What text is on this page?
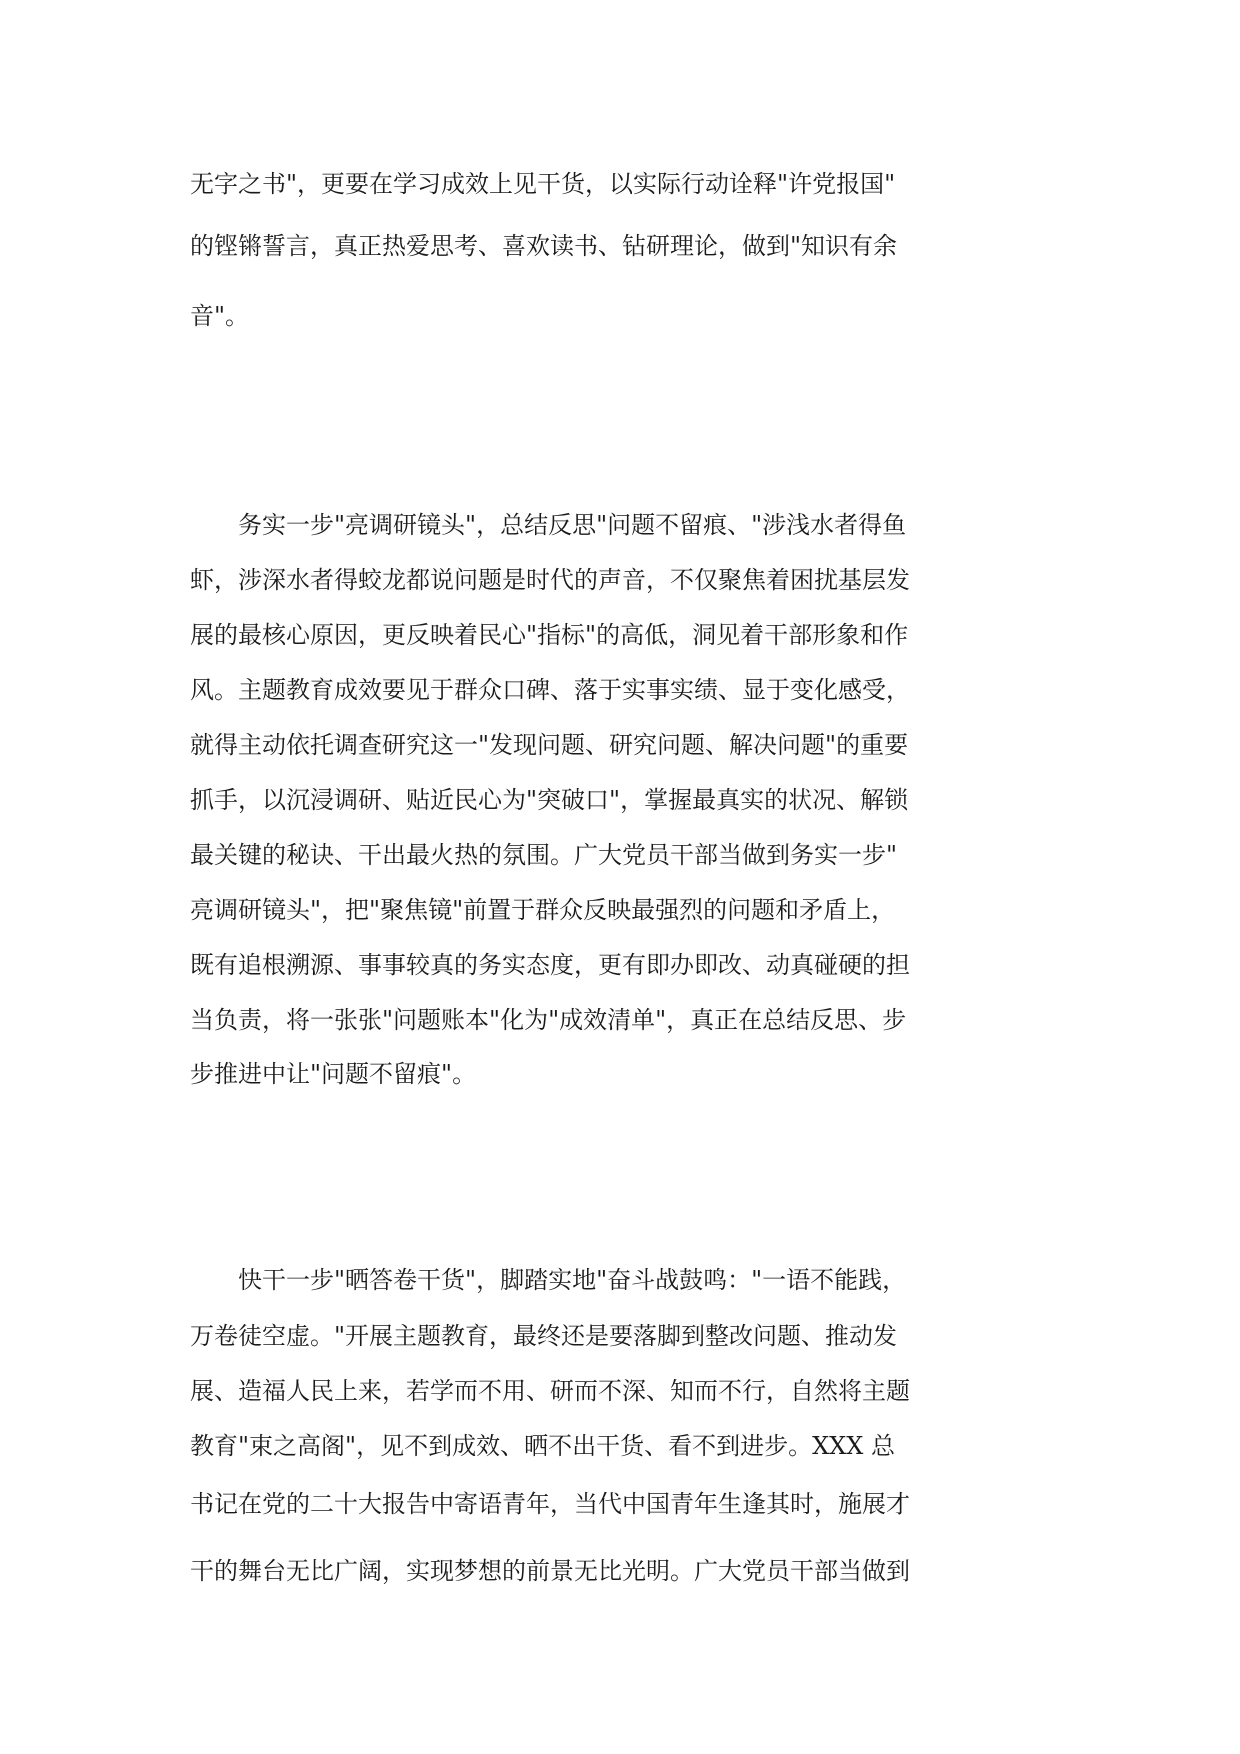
无字之书"，更要在学习成效上见干货，以实际行动诠释"许党报国"
的铿锵誓言，真正热爱思考、喜欢读书、钻研理论，做到"知识有余
音"。
务实一步"亮调研镜头"，总结反思"问题不留痕、"涉浅水者得鱼
虾，涉深水者得蛟龙都说问题是时代的声音，不仅聚焦着困扰基层发
展的最核心原因，更反映着民心"指标"的高低，洞见着干部形象和作
风。主题教育成效要见于群众口碑、落于实事实绩、显于变化感受，
就得主动依托调查研究这一"发现问题、研究问题、解决问题"的重要
抓手，以沉浸调研、贴近民心为"突破口"，掌握最真实的状况、解锁
最关键的秘诀、干出最火热的氛围。广大党员干部当做到务实一步"
亮调研镜头"，把"聚焦镜"前置于群众反映最强烈的问题和矛盾上，
既有追根溯源、事事较真的务实态度，更有即办即改、动真碰硬的担
当负责，将一张张"问题账本"化为"成效清单"，真正在总结反思、步
步推进中让"问题不留痕"。
快干一步"晒答卷干货"，脚踏实地"奋斗战鼓鸣："一语不能践，
万卷徒空虚。"开展主题教育，最终还是要落脚到整改问题、推动发
展、造福人民上来，若学而不用、研而不深、知而不行，自然将主题
教育"束之高阁"，见不到成效、晒不出干货、看不到进步。XXX 总
书记在党的二十大报告中寄语青年，当代中国青年生逢其时，施展才
干的舞台无比广阔，实现梦想的前景无比光明。广大党员干部当做到
